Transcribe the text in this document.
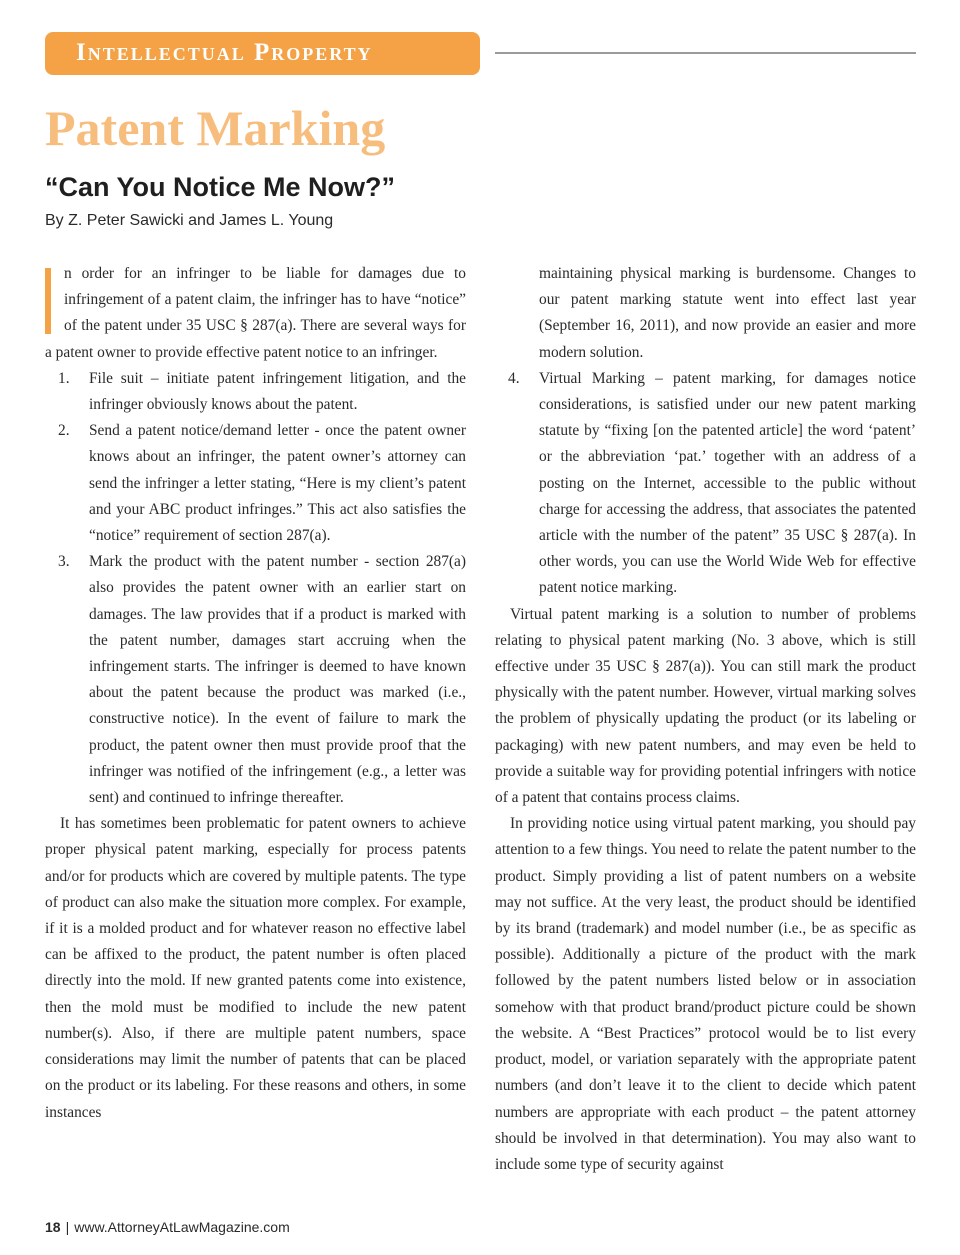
Intellectual Property
Patent Marking
“Can You Notice Me Now?”

By Z. Peter Sawicki and James L. Young

n order for an infringer to be liable for damages due to infringement of a patent claim, the infringer has to have “notice” of the patent under 35 USC § 287(a). There are several ways for a patent owner to provide effective patent notice to an infringer.

1. File suit – initiate patent infringement litigation, and the infringer obviously knows about the patent.
2. Send a patent notice/demand letter - once the patent owner knows about an infringer, the patent owner’s attorney can send the infringer a letter stating, “Here is my client’s patent and your ABC product infringes.” This act also satisfies the “notice” requirement of section 287(a).
3. Mark the product with the patent number - section 287(a) also provides the patent owner with an earlier start on damages. The law provides that if a product is marked with the patent number, damages start accruing when the infringement starts. The infringer is deemed to have known about the patent because the product was marked (i.e., constructive notice). In the event of failure to mark the product, the patent owner then must provide proof that the infringer was notified of the infringement (e.g., a letter was sent) and continued to infringe thereafter.

It has sometimes been problematic for patent owners to achieve proper physical patent marking, especially for process patents and/or for products which are covered by multiple patents. The type of product can also make the situation more complex. For example, if it is a molded product and for whatever reason no effective label can be affixed to the product, the patent number is often placed directly into the mold. If new granted patents come into existence, then the mold must be modified to include the new patent number(s). Also, if there are multiple patent numbers, space considerations may limit the number of patents that can be placed on the product or its labeling. For these reasons and others, in some instances

maintaining physical marking is burdensome. Changes to our patent marking statute went into effect last year (September 16, 2011), and now provide an easier and more modern solution.
4. Virtual Marking – patent marking, for damages notice considerations, is satisfied under our new patent marking statute by “fixing [on the patented article] the word ‘patent’ or the abbreviation ‘pat.’ together with an address of a posting on the Internet, accessible to the public without charge for accessing the address, that associates the patented article with the number of the patent” 35 USC § 287(a). In other words, you can use the World Wide Web for effective patent notice marking.

Virtual patent marking is a solution to number of problems relating to physical patent marking (No. 3 above, which is still effective under 35 USC § 287(a)). You can still mark the product physically with the patent number. However, virtual marking solves the problem of physically updating the product (or its labeling or packaging) with new patent numbers, and may even be held to provide a suitable way for providing potential infringers with notice of a patent that contains process claims.

In providing notice using virtual patent marking, you should pay attention to a few things. You need to relate the patent number to the product. Simply providing a list of patent numbers on a website may not suffice. At the very least, the product should be identified by its brand (trademark) and model number (i.e., be as specific as possible). Additionally a picture of the product with the mark followed by the patent numbers listed below or in association somehow with that product brand/product picture could be shown the website. A “Best Practices” protocol would be to list every product, model, or variation separately with the appropriate patent numbers (and don’t leave it to the client to decide which patent numbers are appropriate with each product – the patent attorney should be involved in that determination). You may also want to include some type of security against

18 | www.AttorneyAtLawMagazine.com
